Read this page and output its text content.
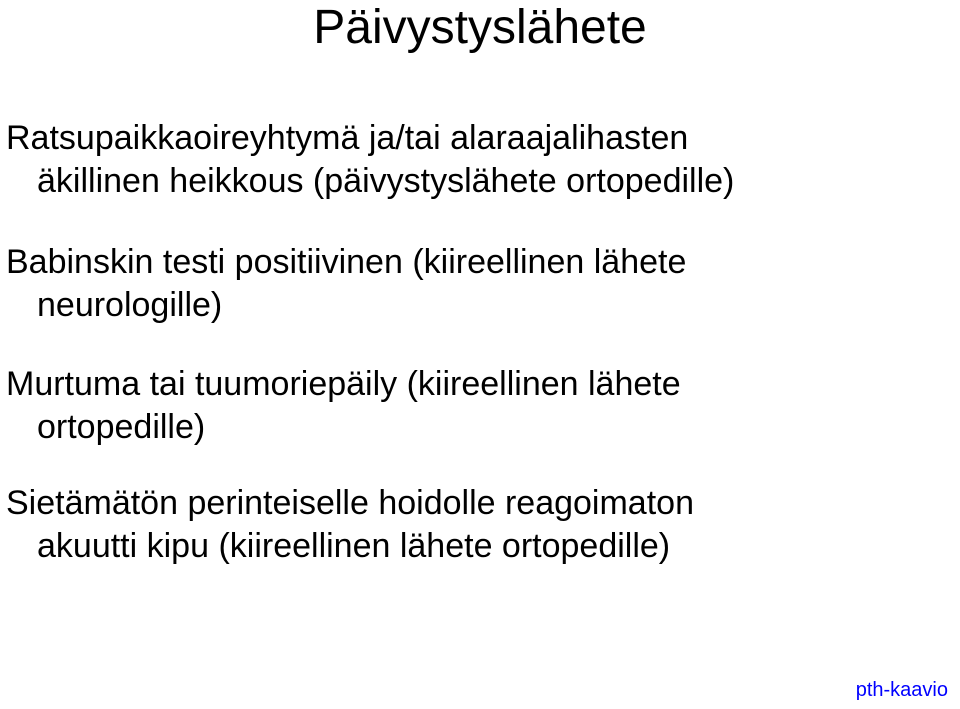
Päivystyslähete

Ratsupaikkaoireyhtymä ja/tai alaraajalihasten
äkillinen heikkous (päivystyslähete ortopedille)

Babinskin testi positiivinen (kiireellinen lähete
neurologille)

Murtuma tai tuumoriepäily (kiireellinen lähete
ortopedille)

Sietämätön perinteiselle hoidolle reagoimaton
akuutti kipu (kiireellinen lähete ortopedille)

pth-kaavio
